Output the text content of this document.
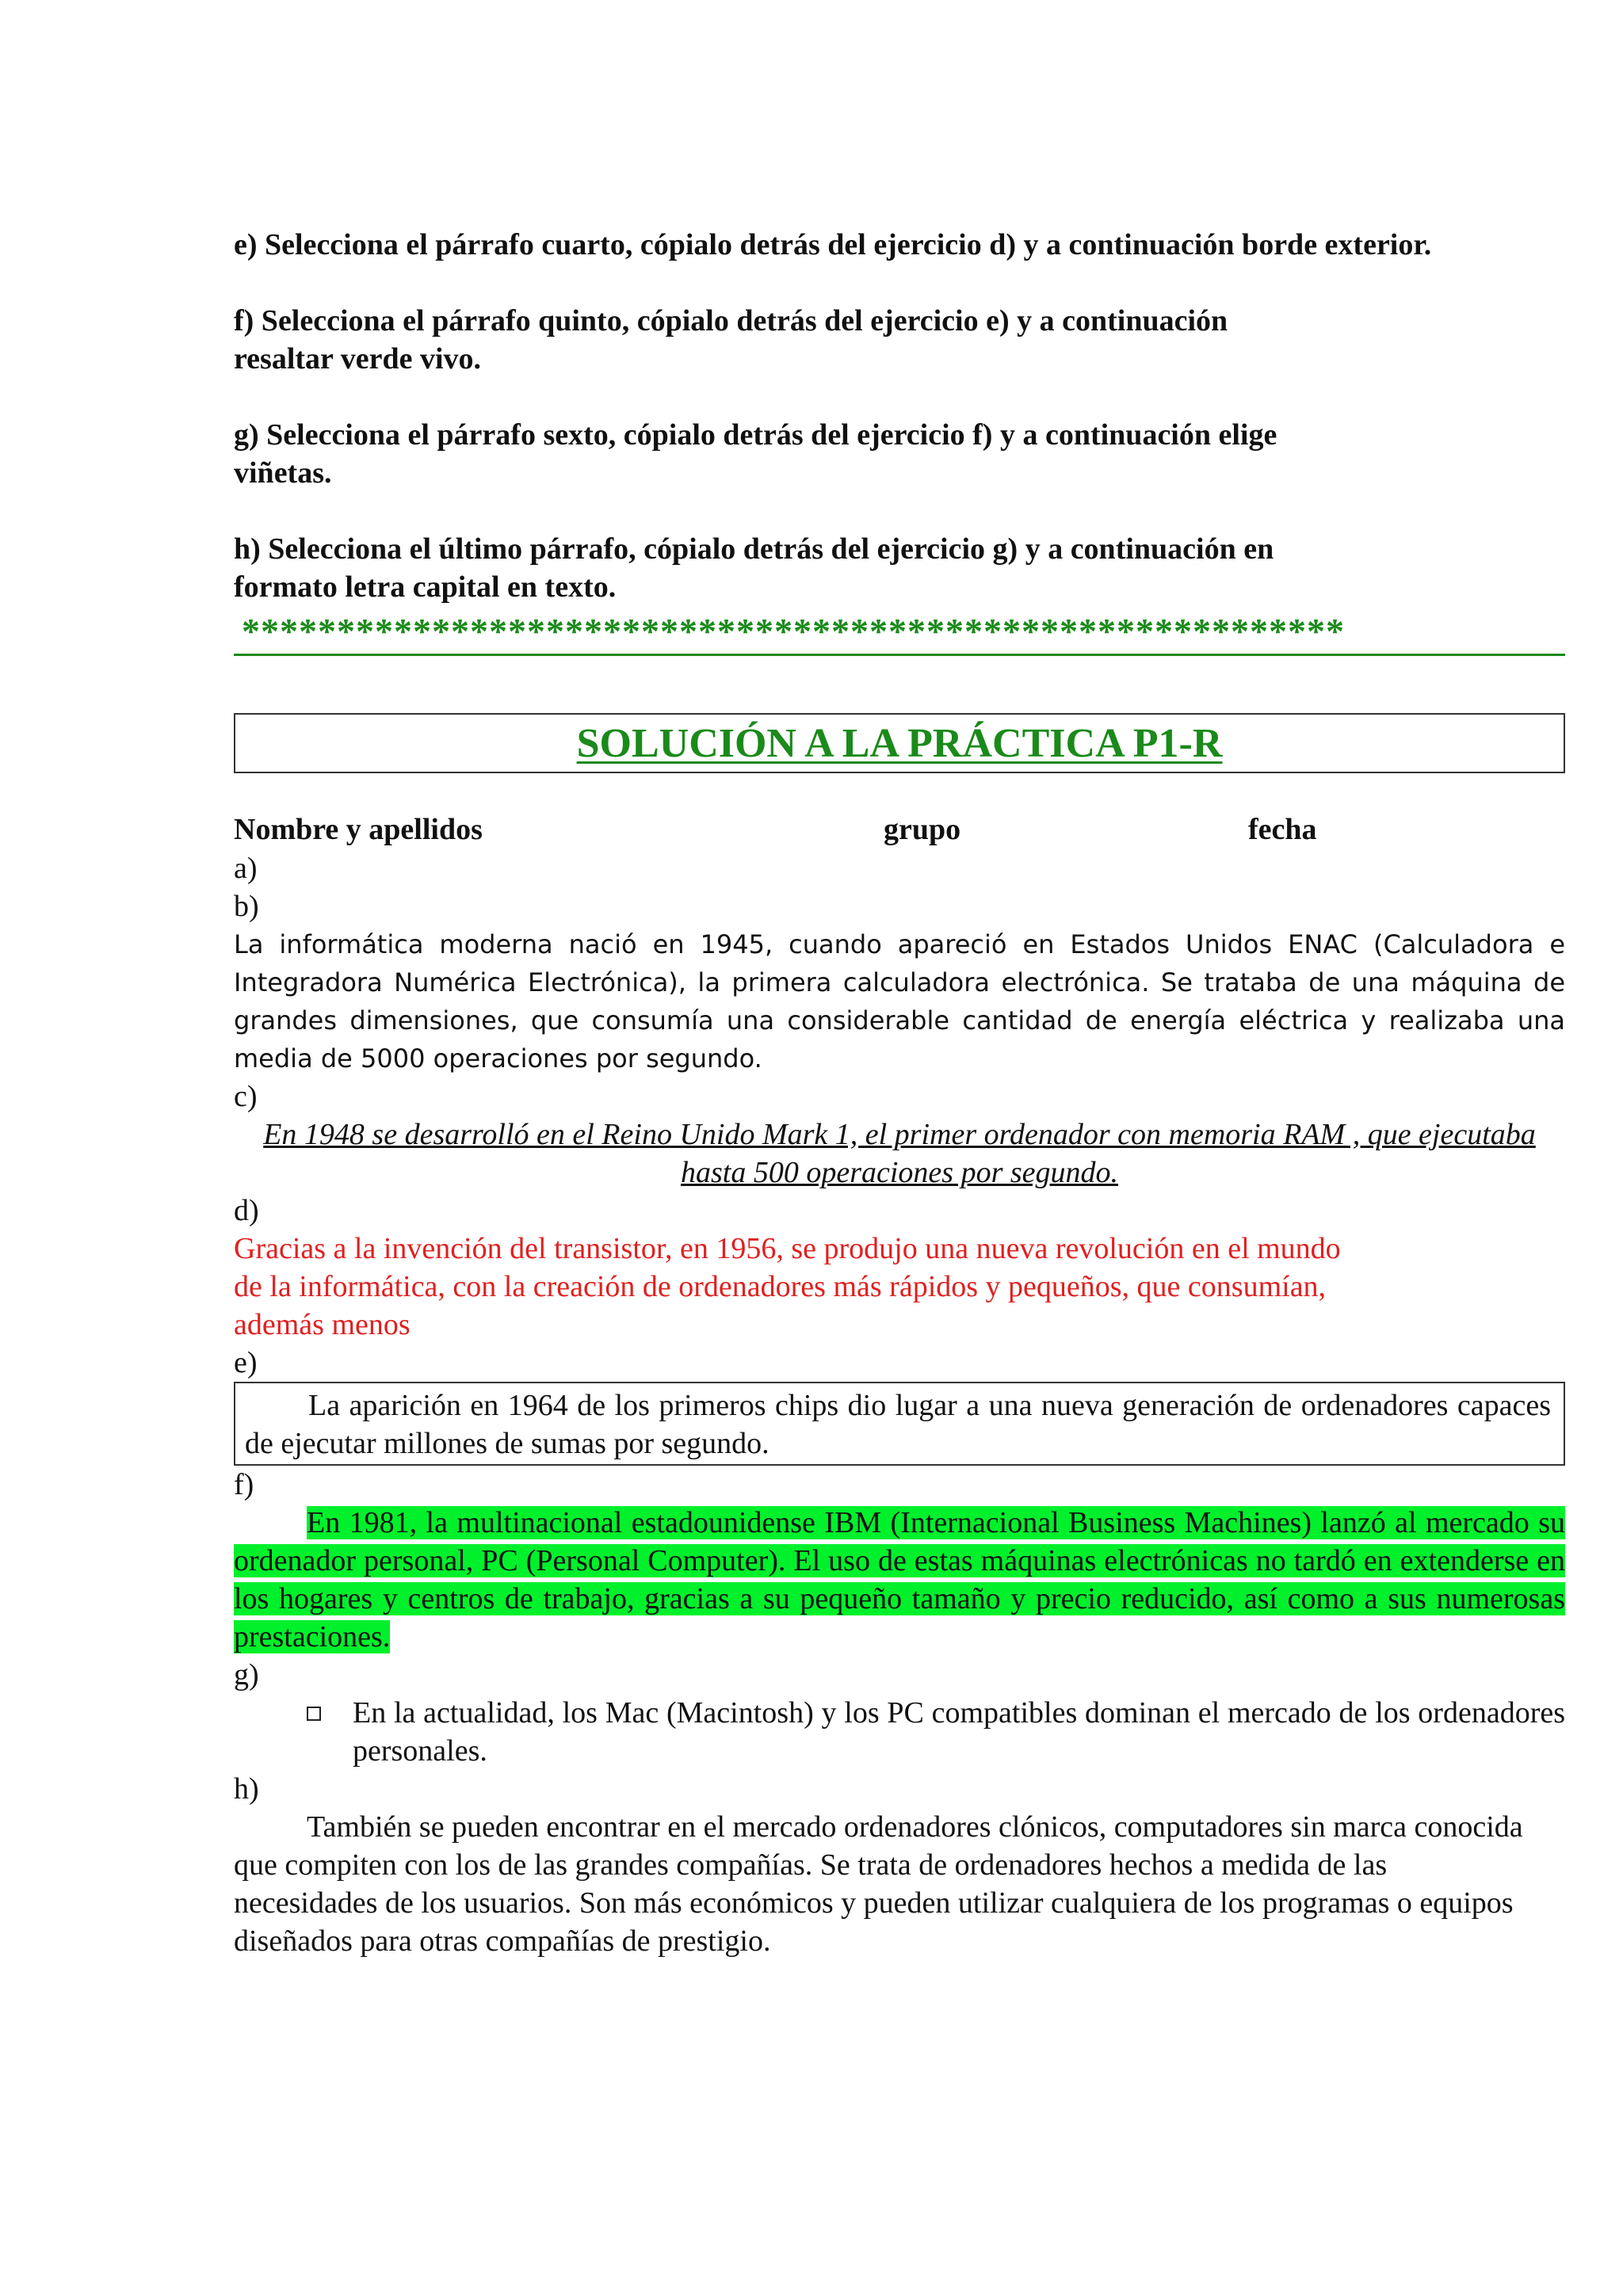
e) Selecciona el párrafo cuarto, cópialo detrás del ejercicio d) y a continuación borde exterior.

f) Selecciona el párrafo quinto, cópialo detrás del ejercicio e) y a continuación resaltar verde vivo.

g) Selecciona el párrafo sexto, cópialo detrás del ejercicio f) y a continuación elige viñetas.

h) Selecciona el último párrafo, cópialo detrás del ejercicio g) y a continuación en formato letra capital en texto.

**********************************************************
SOLUCIÓN A LA PRÁCTICA P1-R
Nombre y apellidos	grupo	fecha
a)
b)

La informática moderna nació en 1945, cuando apareció en Estados Unidos ENAC (Calculadora e Integradora Numérica Electrónica), la primera calculadora electrónica. Se trataba de una máquina de grandes dimensiones, que consumía una considerable cantidad de energía eléctrica y realizaba una media de 5000 operaciones por segundo.

c)

En 1948 se desarrolló en el Reino Unido Mark 1, el primer ordenador con memoria RAM , que ejecutaba hasta 500 operaciones por segundo.

d)

Gracias a la invención del transistor, en 1956, se produjo una nueva revolución en el mundo de la informática, con la creación de ordenadores más rápidos y pequeños, que consumían, además menos

e)

La aparición en 1964 de los primeros chips dio lugar a una nueva generación de ordenadores capaces de ejecutar millones de sumas por segundo.

f)

En 1981, la multinacional estadounidense IBM (Internacional Business Machines) lanzó al mercado su ordenador personal, PC (Personal Computer). El uso de estas máquinas electrónicas no tardó en extenderse en los hogares y centros de trabajo, gracias a su pequeño tamaño y precio reducido, así como a sus numerosas prestaciones.

g)
En la actualidad, los Mac (Macintosh) y los PC compatibles dominan el mercado de los ordenadores personales.
h)

También se pueden encontrar en el mercado ordenadores clónicos, computadores sin marca conocida que compiten con los de las grandes compañías. Se trata de ordenadores hechos a medida de las necesidades de los usuarios. Son más económicos y pueden utilizar cualquiera de los programas o equipos diseñados para otras compañías de prestigio.
